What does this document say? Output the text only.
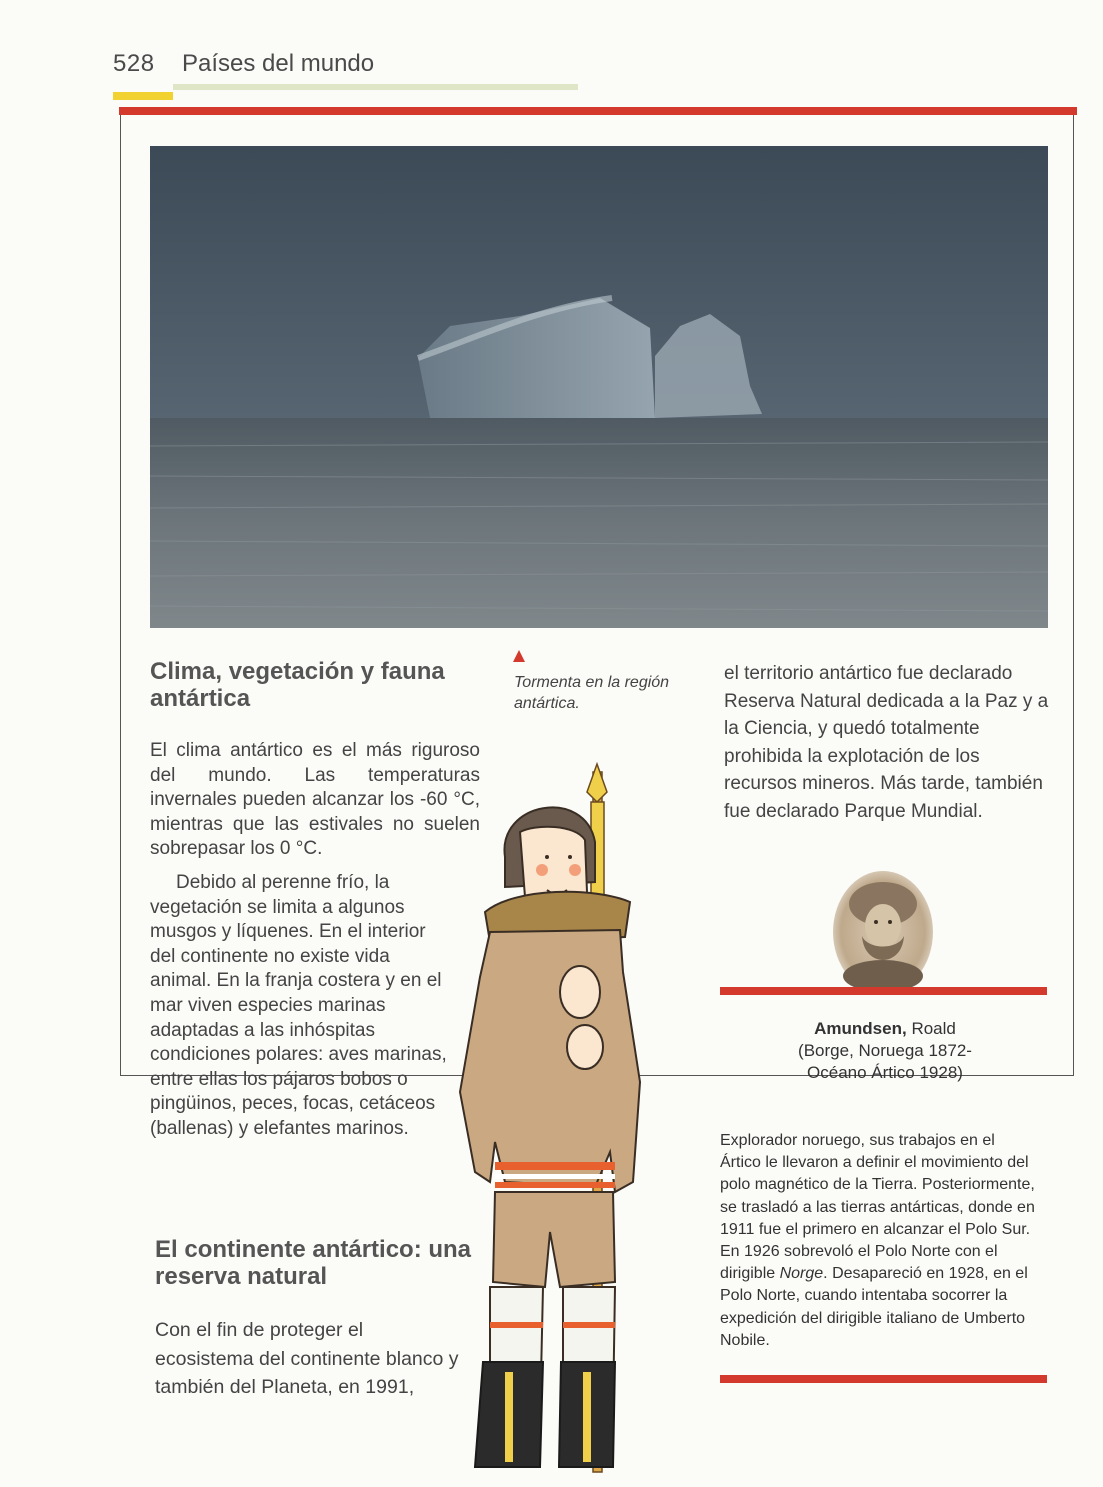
528 Países del mundo
Tormenta en la región antártica.
Clima, vegetación y fauna antártica
El clima antártico es el más riguroso del mundo. Las temperaturas invernales pueden alcanzar los -60 °C, mientras que las estivales no suelen sobrepasar los 0 °C.
Debido al perenne frío, la vegetación se limita a algunos musgos y líquenes. En el interior del continente no existe vida animal. En la franja costera y en el mar viven especies marinas adaptadas a las inhóspitas condiciones polares: aves marinas, entre ellas los pájaros bobos o pingüinos, peces, focas, cetáceos (ballenas) y elefantes marinos.
El continente antártico: una reserva natural
Con el fin de proteger el ecosistema del continente blanco y también del Planeta, en 1991,
el territorio antártico fue declarado Reserva Natural dedicada a la Paz y a la Ciencia, y quedó totalmente prohibida la explotación de los recursos mineros. Más tarde, también fue declarado Parque Mundial.
Amundsen, Roald
(Borge, Noruega 1872-
Océano Ártico 1928)
Explorador noruego, sus trabajos en el Ártico le llevaron a definir el movimiento del polo magnético de la Tierra. Posteriormente, se trasladó a las tierras antárticas, donde en 1911 fue el primero en alcanzar el Polo Sur. En 1926 sobrevoló el Polo Norte con el dirigible Norge. Desapareció en 1928, en el Polo Norte, cuando intentaba socorrer la expedición del dirigible italiano de Umberto Nobile.
